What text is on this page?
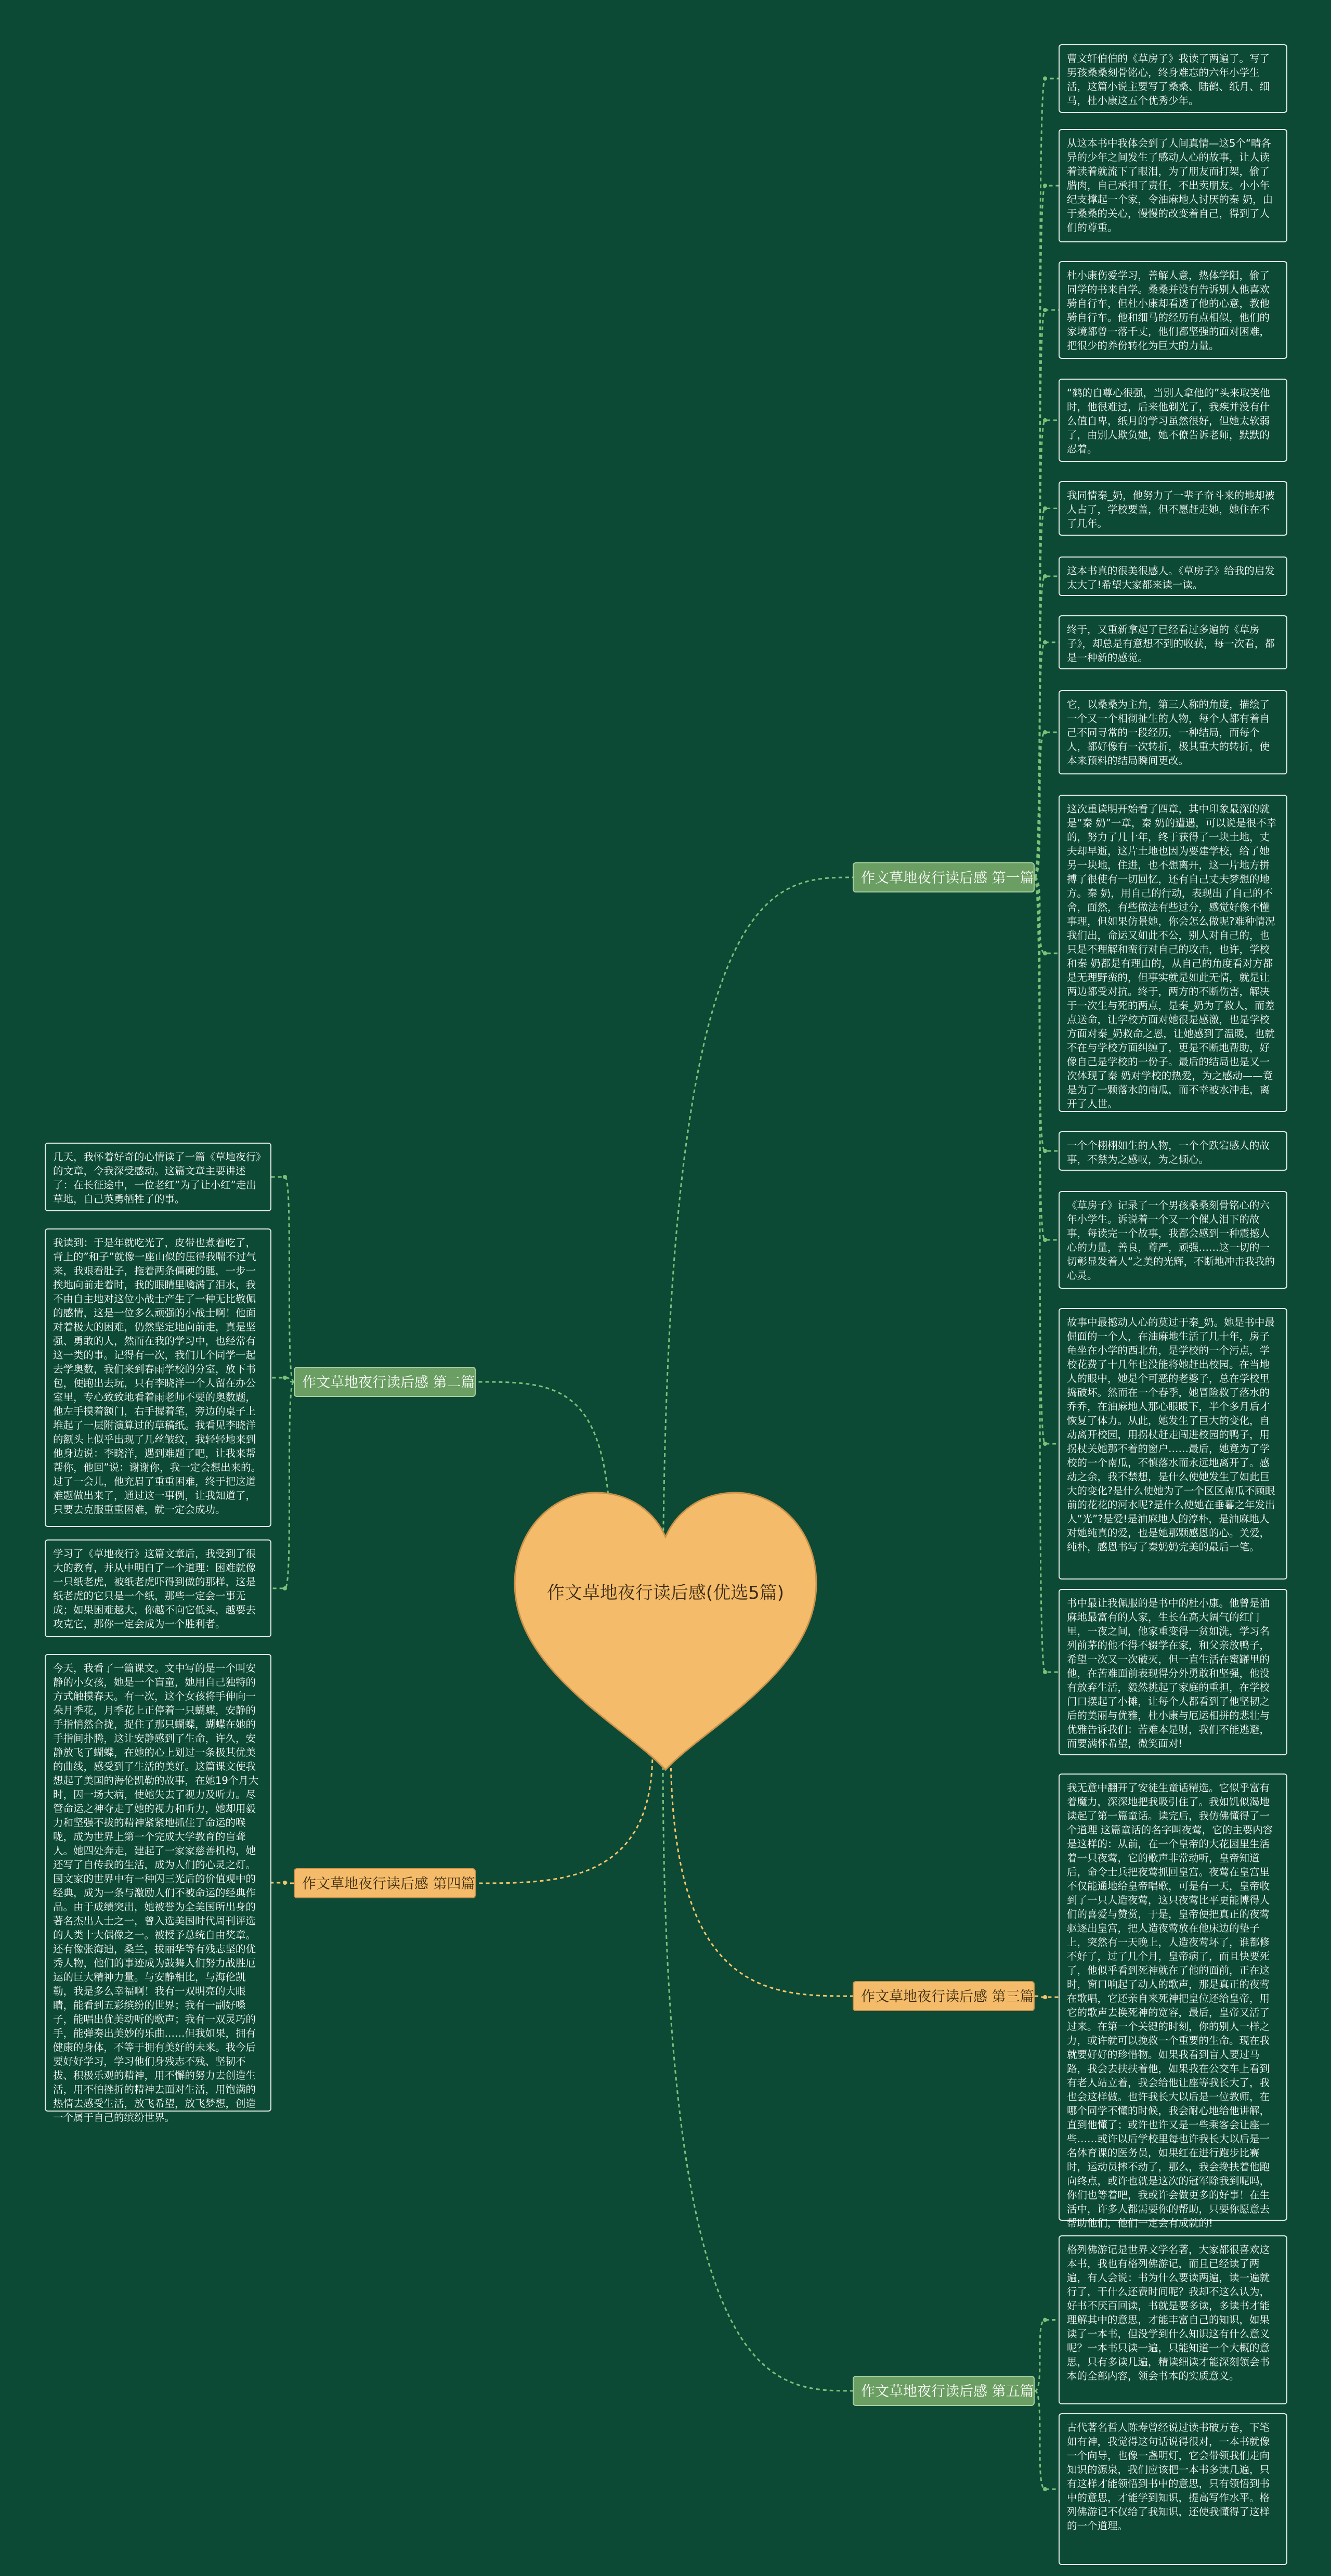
作文草地夜行读后感(优选5篇)
作文草地夜行读后感 第一篇
曹文轩伯伯的《草房子》我读了两遍了。写了男孩桑桑刻骨铭心，终身难忘的六年小学生活，这篇小说主要写了桑桑、陆鹤、纸月、细马，杜小康这五个优秀少年。
从这本书中我体会到了人间真情—这5个“晴各异的少年之间发生了感动人心的故事，让人读着读着就流下了眼泪，为了朋友而打架，偷了腊肉，自己承担了责任，不出卖朋友。小小年纪支撑起一个家，令油麻地人讨厌的秦 奶，由于桑桑的关心，慢慢的改变着自己，得到了人们的尊重。
杜小康伤爱学习，善解人意，热体学阳，偷了同学的书来自学。桑桑并没有告诉别人他喜欢骑自行车，但杜小康却看透了他的心意，教他骑自行车。他和细马的经历有点相似，他们的家境都曾一落千丈，他们都坚强的面对困难，把很少的养份转化为巨大的力量。
“鹤的自尊心很强，当别人拿他的”头来取笑他时，他很难过，后来他剃光了，我疾并没有什么值自卑，纸月的学习虽然很好，但她太软弱了，由别人欺负她，她不僚告诉老师，默默的忍着。
我同情秦_奶，他努力了一辈子奋斗来的地却被人占了，学校要盖，但不愿赶走她，她住在不了几年。
这本书真的很美很感人。《草房子》给我的启发太大了!希望大家都来读一读。
终于，又重新拿起了已经看过多遍的《草房子》，却总是有意想不到的收获，每一次看，都是一种新的感觉。
它，以桑桑为主角，第三人称的角度，描绘了一个又一个相彻扯生的人物，每个人都有着自己不同寻常的一段经历，一种结局，而每个人，都好像有一次转折，极其重大的转折，使本来预料的结局瞬间更改。
这次重读明开始看了四章，其中印象最深的就是“秦 奶”一章，秦 奶的遭遇，可以说是很不幸的，努力了几十年，终于获得了一块土地，丈夫却早逝，这片土地也因为要建学校，给了她另一块地，住进，也不想离开，这一片地方拼搏了很使有一切回忆，还有自己丈夫梦想的地方。秦 奶，用自己的行动，表现出了自己的不舍，面然，有些做法有些过分，感觉好像不懂事理，但如果仿景她，你会怎么做呢?难种情况我们出，命运又如此不公，别人对自己的，也只是不理解和蛮行对自己的攻击，也许，学校和秦 奶都是有理由的，从自己的角度看对方都是无理野蛮的，但事实就是如此无情，就是让两边都受对抗。终于，两方的不断伤害，解决于一次生与死的两点，是秦_奶为了救人，而差点送命，让学校方面对她很是感激，也是学校方面对秦_奶救命之恩，让她感到了温暖，也就不在与学校方面纠缠了，更是不断地帮助，好像自己是学校的一份子。最后的结局也是又一次体现了秦 奶对学校的热爱，为之感动——竟是为了一颗落水的南瓜，而不幸被水冲走，离开了人世。
一个个栩栩如生的人物，一个个跌宕感人的故事，不禁为之感叹，为之倾心。
《草房子》记录了一个男孩桑桑刻骨铭心的六年小学生。诉说着一个又一个催人泪下的故事，每读完一个故事，我都会感到一种震撼人心的力量，善良，尊严，顽强……这一切的一切彰显发着人“之美的光辉，不断地冲击我我的心灵。
故事中最撼动人心的莫过于秦_奶。她是书中最倔面的一个人，在油麻地生活了几十年，房子龟坐在小学的西北角，是学校的一个污点，学校花费了十几年也没能将她赶出校园。在当地人的眼中，她是个可恶的老婆子，总在学校里捣破坏。然而在一个春季，她冒险救了落水的乔乔，在油麻地人那心眼暖下，半个多月后才恢复了体力。从此，她发生了巨大的变化，自动离开校园，用拐杖赶走闯进校园的鸭子，用拐杖关她那不着的窗户……最后，她竟为了学校的一个南瓜，不慎落水而永远地离开了。感动之余，我不禁想，是什么使她发生了如此巨大的变化?是什么使她为了一个区区南瓜不顾眼前的花花的河水呢?是什么使她在垂暮之年发出人“光”?是爱!是油麻地人的淳朴，是油麻地人对她纯真的爱，也是她那颗感恩的心。关爱，纯朴，感恩书写了秦奶奶完美的最后一笔。
书中最让我佩服的是书中的杜小康。他曾是油麻地最富有的人家，生长在高大阔气的红门里，一夜之间，他家重变得一贫如洗，学习名列前茅的他不得不辍学在家，和父亲放鸭子，希望一次又一次破灭，但一直生活在蜜罐里的他，在苦难面前表现得分外勇敢和坚强，他没有放弃生活，毅然挑起了家庭的重担，在学校门口摆起了小摊，让每个人都看到了他坚韧之后的美丽与优雅，杜小康与厄运相拼的悲壮与优雅告诉我们：苦难本是财，我们不能逃避，而要满怀希望，微笑面对!
作文草地夜行读后感 第二篇
几天，我怀着好奇的心情读了一篇《草地夜行》的文章，令我深受感动。这篇文章主要讲述了：在长征途中，一位老红”为了让小红”走出草地，自己英勇牺牲了的事。
我读到：于是年就吃光了，皮带也煮着吃了，背上的”和子”就像一座山似的压得我喘不过气来，我艰看肚子，拖着两条僵硬的腿，一步一挨地向前走着时，我的眼睛里噙满了泪水，我不由自主地对这位小战士产生了一种无比敬佩的感情，这是一位多么顽强的小战士啊！他面对着极大的困难，仍然坚定地向前走，真是坚强、勇敢的人，然而在我的学习中，也经常有这一类的事。记得有一次，我们几个同学一起去学奥数，我们来到春雨学校的分室，放下书包，便跑出去玩，只有李晓洋一个人留在办公室里，专心致致地看着雨老师不要的奥数题，他左手摸着额门，右手握着笔，旁边的桌子上堆起了一层附演算过的草稿纸。我看见李晓洋的额头上似乎出现了几丝皱纹，我轻轻地来到他身边说：李晓洋，遇到难题了吧，让我来帮帮你，他回”说：谢谢你，我一定会想出来的。过了一会儿，他充眉了重重困难，终于把这道难题做出来了，通过这一事例，让我知道了，只要去克服重重困难，就一定会成功。
学习了《草地夜行》这篇文章后，我受到了很大的教育，并从中明白了一个道理：困难就像一只纸老虎，被纸老虎吓得到做的那样，这是纸老虎的它只是一个纸，那些一定会一事无成；如果困难越大，你越不向它低头，越要去攻克它，那你一定会成为一个胜利者。
作文草地夜行读后感 第三篇
我无意中翻开了安徒生童话精选。它似乎富有着魔力，深深地把我吸引住了。我如饥似渴地读起了第一篇童话。读完后，我仿佛懂得了一个道理 这篇童话的名字叫夜莺，它的主要内容是这样的：从前，在一个皇帝的大花园里生活着一只夜莺，它的歌声非常动听，皇帝知道后，命令士兵把夜莺抓回皇宫。夜莺在皇宫里不仅能通地给皇帝唱歌，可是有一天，皇帝收到了一只人造夜莺，这只夜莺比平更能博得人们的喜爱与赞赏，于是，皇帝便把真正的夜莺驱逐出皇宫，把人造夜莺放在他床边的垫子上，突然有一天晚上，人造夜莺坏了，谁都修不好了，过了几个月，皇帝病了，而且快要死了，他似乎看到死神就在了他的面前，正在这时，窗口响起了动人的歌声，那是真正的夜莺在歌唱，它还亲自来死神把皇位还给皇帝，用它的歌声去换死神的宽容，最后，皇帝又活了过来。在第一个关键的时刻，你的别人一样之力，或许就可以挽救一个重要的生命。现在我就要好好的珍惜物。如果我看到盲人要过马路，我会去扶扶着他，如果我在公交车上看到有老人站立着，我会给他让座等我长大了，我也会这样做。也许我长大以后是一位教师，在哪个同学不懂的时候，我会耐心地给他讲解，直到他懂了；或许也许又是一些乘客会让座一些……或许以后学校里每也许我长大以后是一名体育课的医务员，如果红在进行跑步比赛时，运动员摔不动了，那么，我会搀扶着他跑向终点，或许也就是这次的冠军除我到呢吗，你们也等着吧，我或许会做更多的好事！在生活中，许多人都需要你的帮助，只要你愿意去帮助他们，他们一定会有成就的!
作文草地夜行读后感 第四篇
今天，我看了一篇课文。文中写的是一个叫安静的小女孩，她是一个盲童，她用自己独特的方式触摸春天。有一次，这个女孩将手伸向一朵月季花，月季花上正停着一只蝴蝶，安静的手指悄然合拢，捉住了那只蝴蝶，蝴蝶在她的手指间扑腾，这让安静感到了生命，许久，安静放飞了蝴蝶，在她的心上划过一条极其优美的曲线，感受到了生活的美好。这篇课文使我想起了美国的海伦凯勒的故事，在她19个月大时，因一场大病，使她失去了视力及听力。尽管命运之神夺走了她的视力和听力，她却用毅力和坚强不拔的精神紧紧地抓住了命运的喉咙，成为世界上第一个完成大学教育的盲聋人。她四处奔走，建起了一家家慈善机构，她还写了自传我的生活，成为人们的心灵之灯。国文家的世界中有一种闪三光后的价值观中的经典，成为一条与激励人们不被命运的经典作品。由于成绩突出，她被誉为全美国所出身的著名杰出人士之一，曾入选美国时代周刊评选的人类十大偶像之一。被授予总统自由奖章。还有像张海迪，桑兰，拔丽华等有残志坚的优秀人物，他们的事迹成为鼓舞人们努力战胜厄运的巨大精神力量。与安静相比，与海伦凯勒，我是多么幸福啊！我有一双明亮的大眼睛，能看到五彩缤纷的世界；我有一副好嗓子，能唱出优美动听的歌声；我有一双灵巧的手，能弹奏出美妙的乐曲……但我如果，拥有健康的身体，不等于拥有美好的未来。我今后要好好学习，学习他们身残志不残、坚韧不拔、积极乐观的精神，用不懈的努力去创造生活，用不怕挫折的精神去面对生活，用饱满的热情去感受生活，放飞希望，放飞梦想，创造一个属于自己的缤纷世界。
作文草地夜行读后感 第五篇
格列佛游记是世界文学名著，大家都很喜欢这本书，我也有格列佛游记，而且已经读了两遍，有人会说：书为什么要读两遍，读一遍就行了，干什么还费时间呢？我却不这么认为，好书不厌百回读，书就是要多读，多读书才能理解其中的意思，才能丰富自己的知识，如果读了一本书，但没学到什么知识这有什么意义呢？一本书只读一遍，只能知道一个大概的意思，只有多读几遍，精读细读才能深刻领会书本的全部内容，领会书本的实质意义。
古代著名哲人陈寿曾经说过读书破万卷，下笔如有神，我觉得这句话说得很对，一本书就像一个向导，也像一盏明灯，它会带领我们走向知识的源泉，我们应该把一本书多读几遍，只有这样才能领悟到书中的意思，只有领悟到书中的意思，才能学到知识，提高写作水平。格列佛游记不仅给了我知识，还使我懂得了这样的一个道理。
